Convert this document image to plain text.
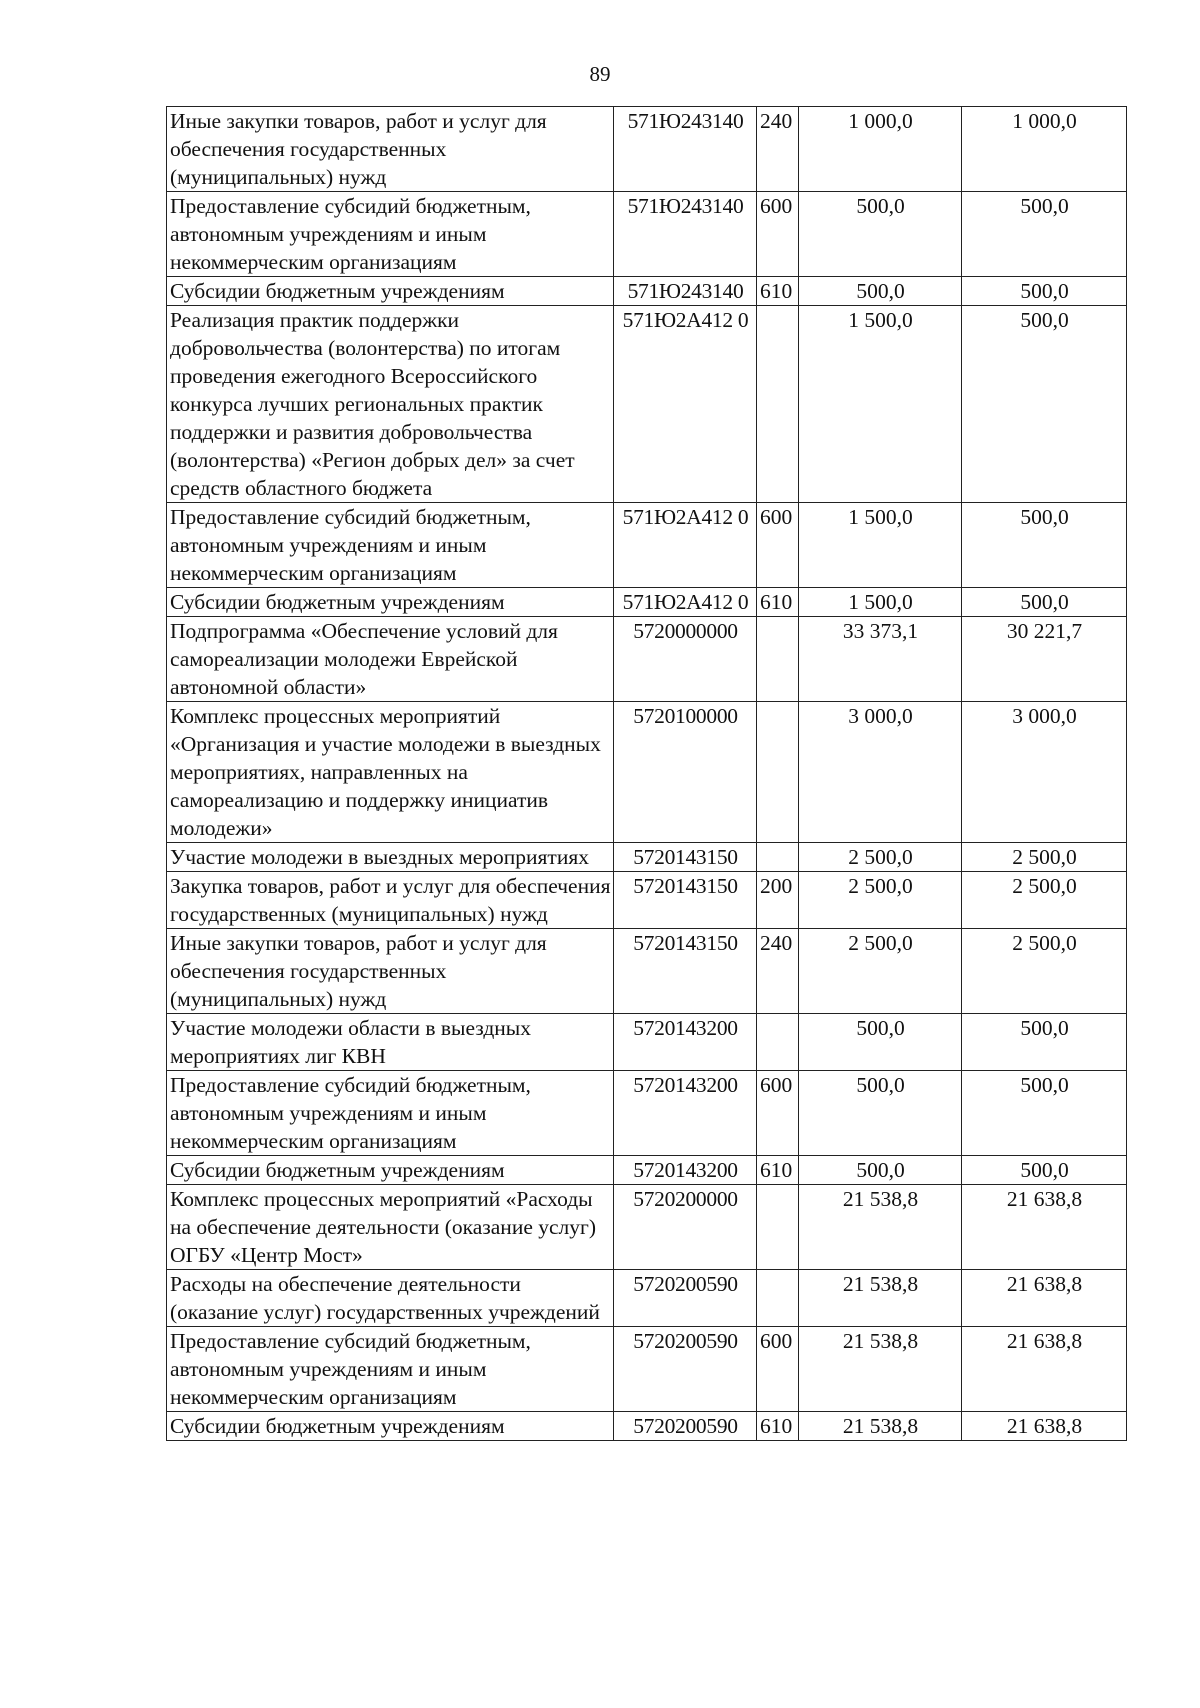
89
Иные закупки товаров, работ и услуг для обеспечения государственных (муниципальных) нужд	571Ю243140	240	1 000,0	1 000,0
Предоставление субсидий бюджетным, автономным учреждениям и иным некоммерческим организациям	571Ю243140	600	500,0	500,0
Субсидии бюджетным учреждениям	571Ю243140	610	500,0	500,0
Реализация практик поддержки добровольчества (волонтерства) по итогам проведения ежегодного Всероссийского конкурса лучших региональных практик поддержки и развития добровольчества (волонтерства) «Регион добрых дел» за счет средств областного бюджета	571Ю2А412 0		1 500,0	500,0
Предоставление субсидий бюджетным, автономным учреждениям и иным некоммерческим организациям	571Ю2А412 0	600	1 500,0	500,0
Субсидии бюджетным учреждениям	571Ю2А412 0	610	1 500,0	500,0
Подпрограмма «Обеспечение условий для самореализации молодежи Еврейской автономной области»	5720000000		33 373,1	30 221,7
Комплекс процессных мероприятий «Организация и участие молодежи в выездных мероприятиях, направленных на самореализацию и поддержку инициатив молодежи»	5720100000		3 000,0	3 000,0
Участие молодежи в выездных мероприятиях	5720143150		2 500,0	2 500,0
Закупка товаров, работ и услуг для обеспечения государственных (муниципальных) нужд	5720143150	200	2 500,0	2 500,0
Иные закупки товаров, работ и услуг для обеспечения государственных (муниципальных) нужд	5720143150	240	2 500,0	2 500,0
Участие молодежи области в выездных мероприятиях лиг КВН	5720143200		500,0	500,0
Предоставление субсидий бюджетным, автономным учреждениям и иным некоммерческим организациям	5720143200	600	500,0	500,0
Субсидии бюджетным учреждениям	5720143200	610	500,0	500,0
Комплекс процессных мероприятий «Расходы на обеспечение деятельности (оказание услуг) ОГБУ «Центр Мост»	5720200000		21 538,8	21 638,8
Расходы на обеспечение деятельности (оказание услуг) государственных учреждений	5720200590		21 538,8	21 638,8
Предоставление субсидий бюджетным, автономным учреждениям и иным некоммерческим организациям	5720200590	600	21 538,8	21 638,8
Субсидии бюджетным учреждениям	5720200590	610	21 538,8	21 638,8
